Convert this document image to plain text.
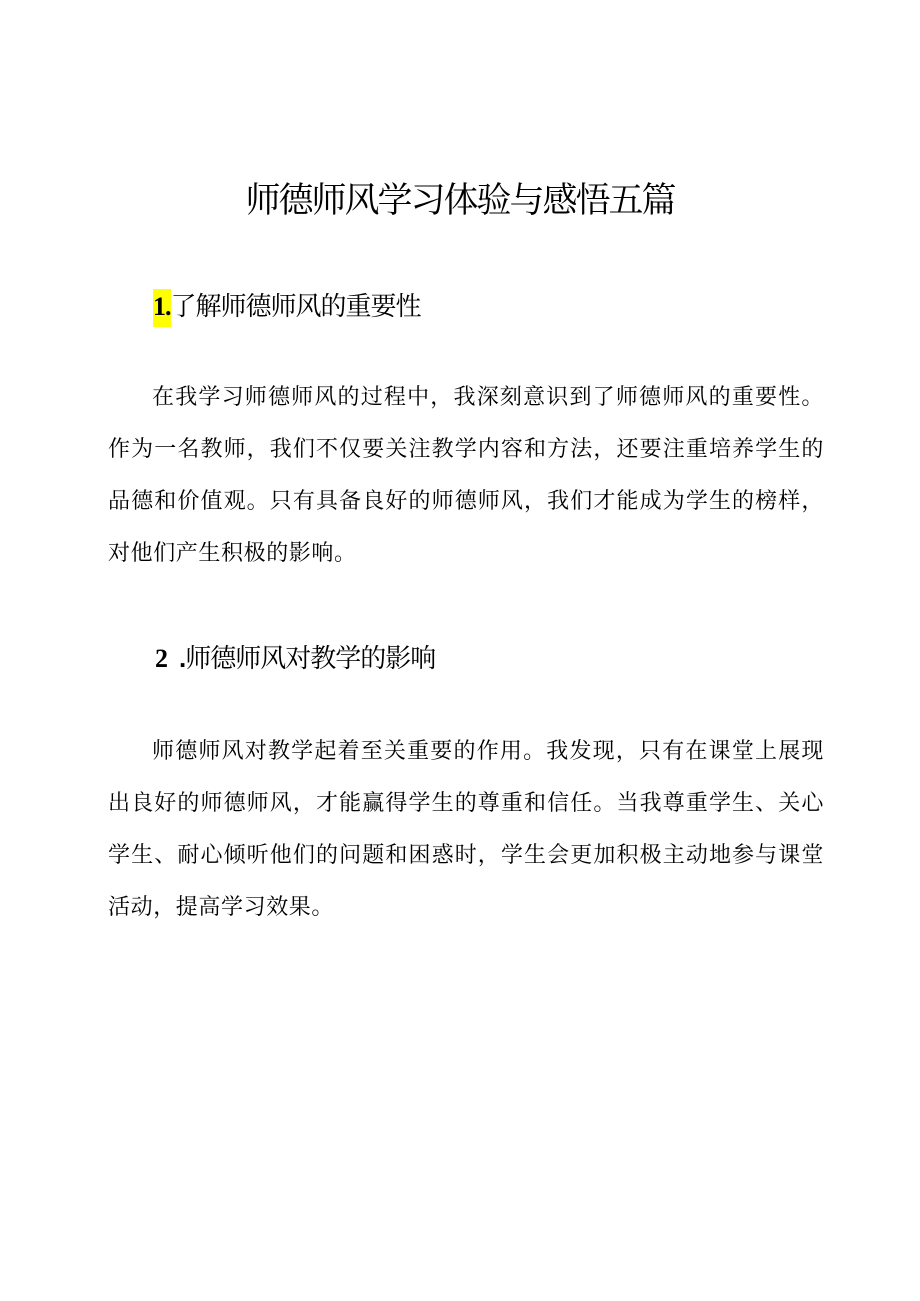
师德师风学习体验与感悟五篇
1.了解师德师风的重要性

在我学习师德师风的过程中，我深刻意识到了师德师风的重要性。作为一名教师，我们不仅要关注教学内容和方法，还要注重培养学生的品德和价值观。只有具备良好的师德师风，我们才能成为学生的榜样，对他们产生积极的影响。

2 .师德师风对教学的影响

师德师风对教学起着至关重要的作用。我发现，只有在课堂上展现出良好的师德师风，才能赢得学生的尊重和信任。当我尊重学生、关心学生、耐心倾听他们的问题和困惑时，学生会更加积极主动地参与课堂活动，提高学习效果。
